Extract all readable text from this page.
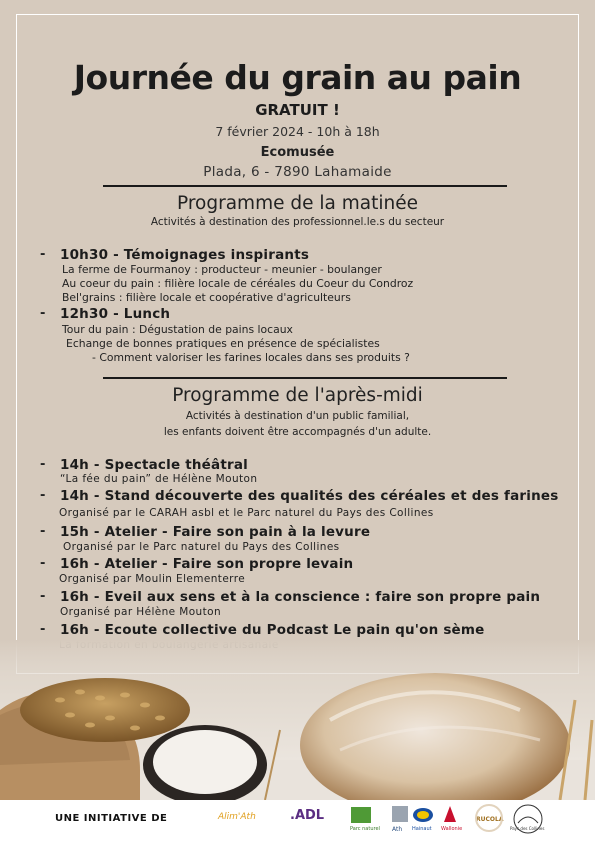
Journée du grain au pain
GRATUIT !
7 février 2024 - 10h à 18h
Ecomusée
Plada, 6 - 7890 Lahamaide
Programme de la matinée
Activités à destination des professionnel.le.s du secteur
- 10h30 - Témoignages inspirants
La ferme de Fourmanoy : producteur - meunier - boulanger
Au coeur du pain : filière locale de céréales du Coeur du Condroz
Bel'grains : filière locale et coopérative d'agriculteurs
- 12h30 - Lunch
Tour du pain : Dégustation de pains locaux
Echange de bonnes pratiques en présence de spécialistes
- Comment valoriser les farines locales dans ses produits ?
Programme de l'après-midi
Activités à destination d'un public familial,
les enfants doivent être accompagnés d'un adulte.
- 14h - Spectacle théâtral
“La fée du pain” de Hélène Mouton
- 14h - Stand découverte des qualités des céréales et des farines
Organisé par le CARAH asbl et le Parc naturel du Pays des Collines
- 15h - Atelier - Faire son pain à la levure
Organisé par le Parc naturel du Pays des Collines
- 16h - Atelier - Faire son propre levain
Organisé par Moulin Elementerre
- 16h - Eveil aux sens et à la conscience : faire son propre pain
Organisé par Hélène Mouton
- 16h - Ecoute collective du Podcast Le pain qu'on sème
UNE INITIATIVE DE	Alim'Ath	.ADL
Parc naturel Ath Hainaut Wallonie
RUCOLA
Pays des Collines
